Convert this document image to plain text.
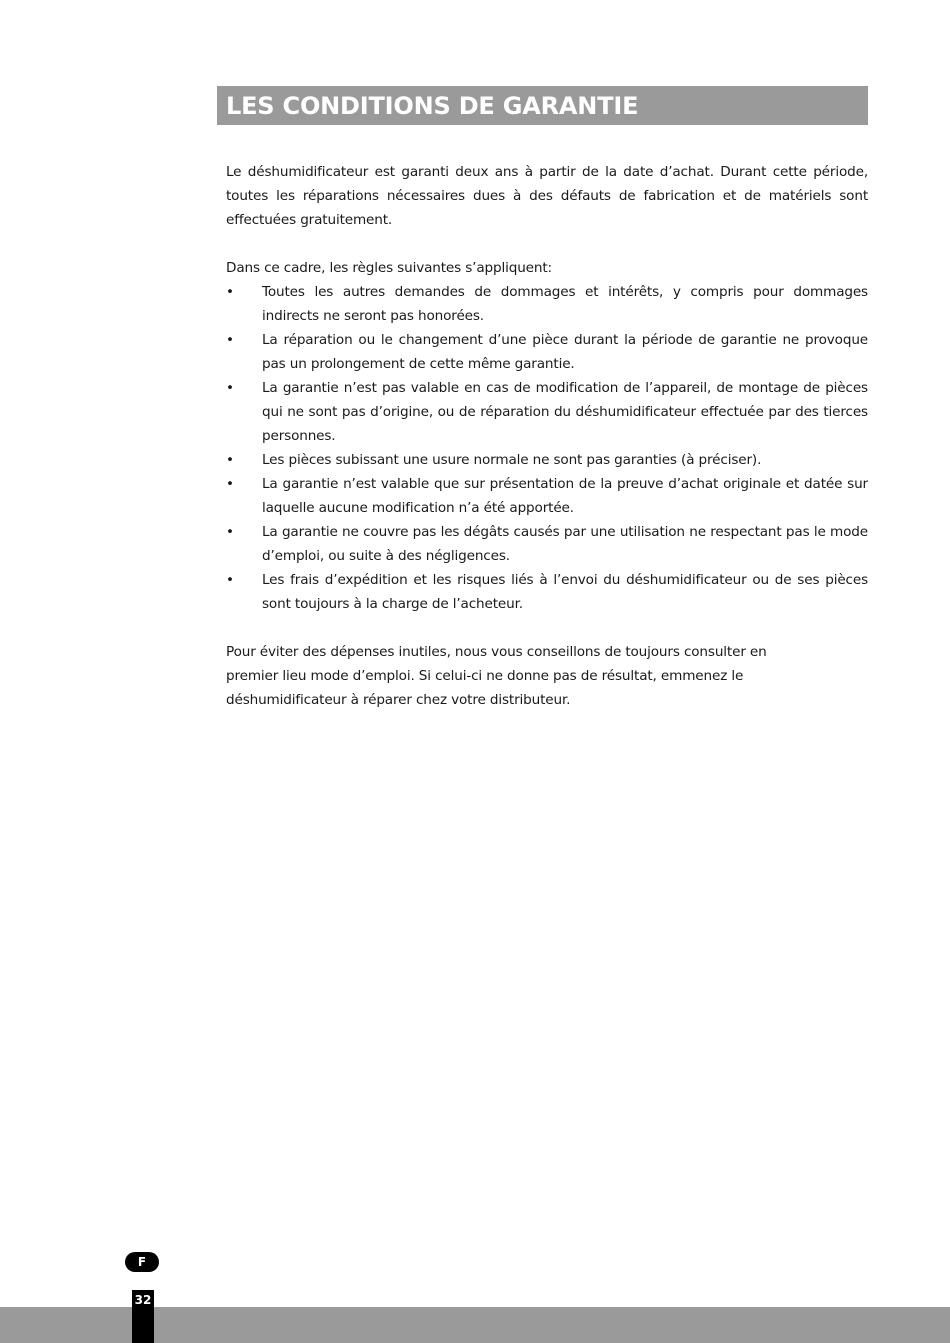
LES CONDITIONS DE GARANTIE

Le déshumidificateur est garanti deux ans à partir de la date d’achat. Durant cette période, toutes les réparations nécessaires dues à des défauts de fabrication et de matériels sont effectuées gratuitement.

Dans ce cadre, les règles suivantes s’appliquent:

•	Toutes les autres demandes de dommages et intérêts, y compris pour dommages indirects ne seront pas honorées.
•	La réparation ou le changement d’une pièce durant la période de garantie ne provoque pas un prolongement de cette même garantie.
•	La garantie n’est pas valable en cas de modification de l’appareil, de montage de pièces qui ne sont pas d’origine, ou de réparation du déshumidificateur effectuée par des tierces personnes.
•	Les pièces subissant une usure normale ne sont pas garanties (à préciser).
•	La garantie n’est valable que sur présentation de la preuve d’achat originale et datée sur laquelle aucune modification n’a été apportée.
•	La garantie ne couvre pas les dégâts causés par une utilisation ne respectant pas le mode d’emploi, ou suite à des négligences.
•	Les frais d’expédition et les risques liés à l’envoi du déshumidificateur ou de ses pièces sont toujours à la charge de l’acheteur.

Pour éviter des dépenses inutiles, nous vous conseillons de toujours consulter en
premier lieu mode d’emploi. Si celui-ci ne donne pas de résultat, emmenez le
déshumidificateur à réparer chez votre distributeur.

F
32
